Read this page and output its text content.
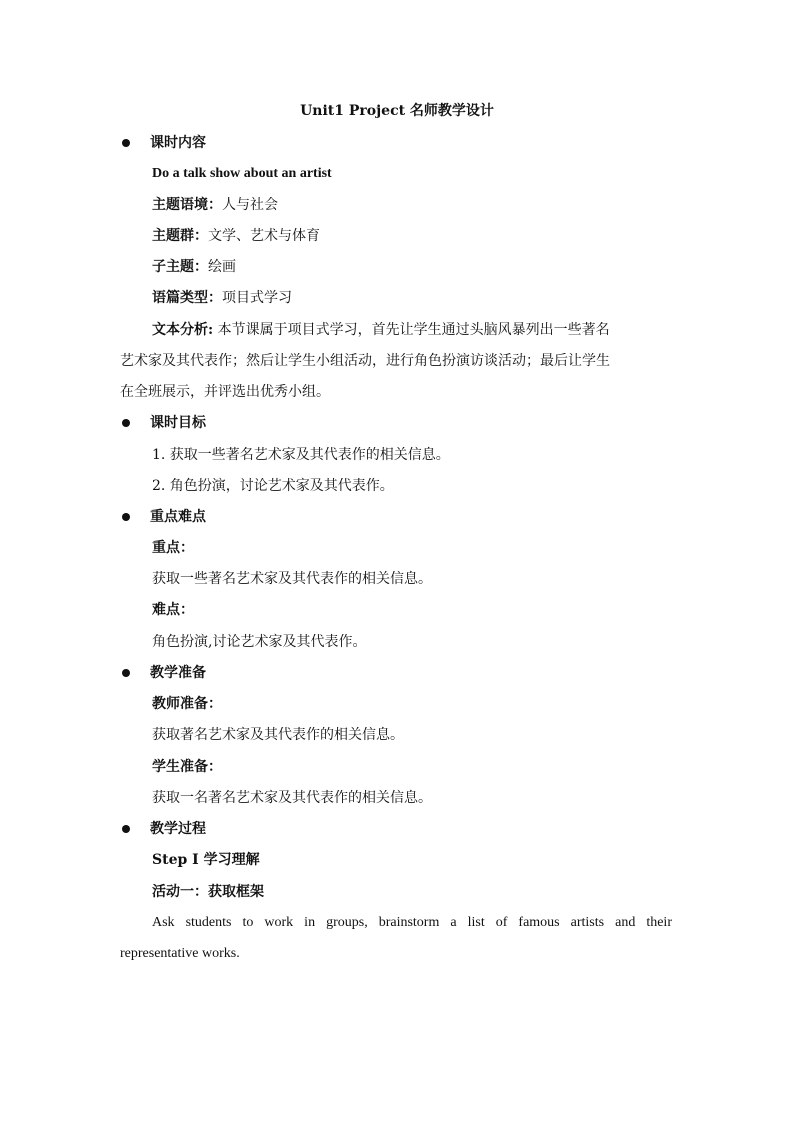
Unit1 Project 名师教学设计
课时内容
Do a talk show about an artist
主题语境：人与社会
主题群：文学、艺术与体育
子主题：绘画
语篇类型：项目式学习
文本分析: 本节课属于项目式学习，首先让学生通过头脑风暴列出一些著名
艺术家及其代表作；然后让学生小组活动，进行角色扮演访谈活动；最后让学生
在全班展示，并评选出优秀小组。
课时目标
1. 获取一些著名艺术家及其代表作的相关信息。
2. 角色扮演，讨论艺术家及其代表作。
重点难点
重点：
获取一些著名艺术家及其代表作的相关信息。
难点：
角色扮演,讨论艺术家及其代表作。
教学准备
教师准备：
获取著名艺术家及其代表作的相关信息。
学生准备：
获取一名著名艺术家及其代表作的相关信息。
教学过程
Step I 学习理解
活动一：获取框架
Ask students to work in groups, brainstorm a list of famous artists and their
representative works.
